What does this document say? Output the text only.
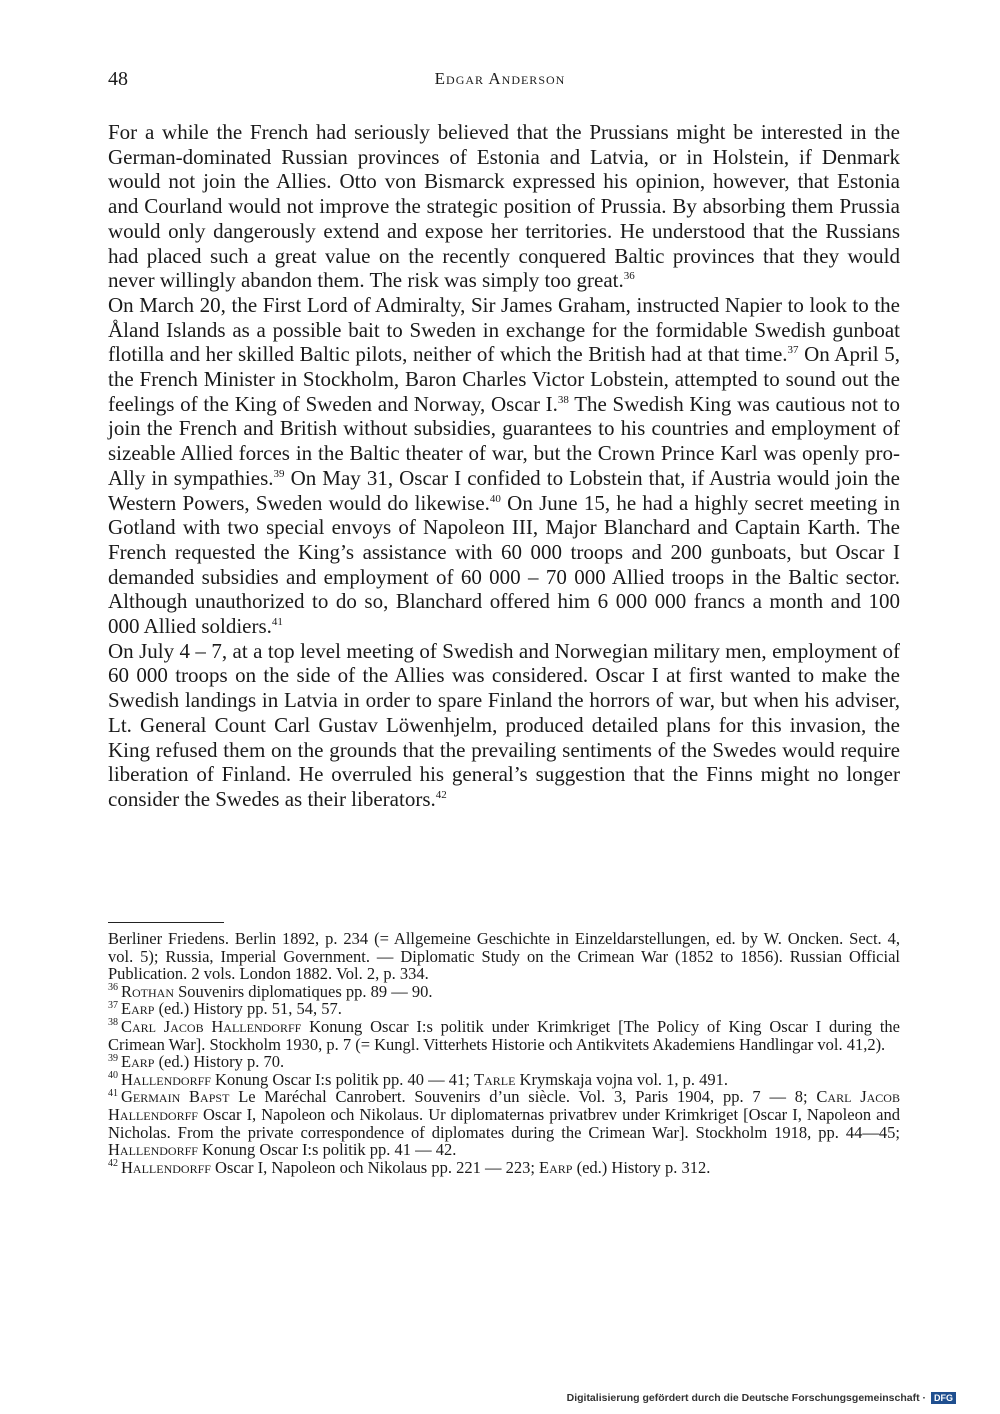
48	Edgar Anderson

For a while the French had seriously believed that the Prussians might be interested in the German-dominated Russian provinces of Estonia and Latvia, or in Holstein, if Denmark would not join the Allies. Otto von Bismarck expressed his opinion, however, that Estonia and Courland would not improve the strategic position of Prussia. By absorbing them Prussia would only dangerously extend and expose her territories. He understood that the Russians had placed such a great value on the recently conquered Baltic provinces that they would never willingly abandon them. The risk was simply too great.$^{36}$

On March 20, the First Lord of Admiralty, Sir James Graham, instructed Napier to look to the Åland Islands as a possible bait to Sweden in exchange for the formidable Swedish gunboat flotilla and her skilled Baltic pilots, neither of which the British had at that time.$^{37}$ On April 5, the French Minister in Stockholm, Baron Charles Victor Lobstein, attempted to sound out the feelings of the King of Sweden and Norway, Oscar I.$^{38}$ The Swedish King was cautious not to join the French and British without subsidies, guarantees to his countries and employment of sizeable Allied forces in the Baltic theater of war, but the Crown Prince Karl was openly pro-Ally in sympathies.$^{39}$ On May 31, Oscar I confided to Lobstein that, if Austria would join the Western Powers, Sweden would do likewise.$^{40}$ On June 15, he had a highly secret meeting in Gotland with two special envoys of Napoleon III, Major Blanchard and Captain Karth. The French requested the King’s assistance with 60 000 troops and 200 gunboats, but Oscar I demanded subsidies and employment of 60 000 – 70 000 Allied troops in the Baltic sector. Although unauthorized to do so, Blanchard offered him 6 000 000 francs a month and 100 000 Allied soldiers.$^{41}$

On July 4 – 7, at a top level meeting of Swedish and Norwegian military men, employment of 60 000 troops on the side of the Allies was considered. Oscar I at first wanted to make the Swedish landings in Latvia in order to spare Finland the horrors of war, but when his adviser, Lt. General Count Carl Gustav Löwenhjelm, produced detailed plans for this invasion, the King refused them on the grounds that the prevailing sentiments of the Swedes would require liberation of Finland. He overruled his general’s suggestion that the Finns might no longer consider the Swedes as their liberators.$^{42}$

Berliner Friedens. Berlin 1892, p. 234 (= Allgemeine Geschichte in Einzeldarstellungen, ed. by W. Oncken. Sect. 4, vol. 5); Russia, Imperial Government. — Diplomatic Study on the Crimean War (1852 to 1856). Russian Official Publication. 2 vols. London 1882. Vol. 2, p. 334.

$^{36}$ Rothan Souvenirs diplomatiques pp. 89 — 90.

$^{37}$ Earp (ed.) History pp. 51, 54, 57.

$^{38}$ Carl Jacob Hallendorff Konung Oscar I:s politik under Krimkriget [The Policy of King Oscar I during the Crimean War]. Stockholm 1930, p. 7 (= Kungl. Vitterhets Historie och Antikvitets Akademiens Handlingar vol. 41,2).

$^{39}$ Earp (ed.) History p. 70.

$^{40}$ Hallendorff Konung Oscar I:s politik pp. 40 — 41; Tarle Krymskaja vojna vol. 1, p. 491.

$^{41}$ Germain Bapst Le Maréchal Canrobert. Souvenirs d’un siècle. Vol. 3, Paris 1904, pp. 7 — 8; Carl Jacob Hallendorff Oscar I, Napoleon och Nikolaus. Ur diplomaternas privatbrev under Krimkriget [Oscar I, Napoleon and Nicholas. From the private correspondence of diplomates during the Crimean War]. Stockholm 1918, pp. 44—45; Hallendorff Konung Oscar I:s politik pp. 41 — 42.

$^{42}$ Hallendorff Oscar I, Napoleon och Nikolaus pp. 221 — 223; Earp (ed.) History p. 312.

Digitalisierung gefördert durch die Deutsche Forschungsgemeinschaft · DFG
